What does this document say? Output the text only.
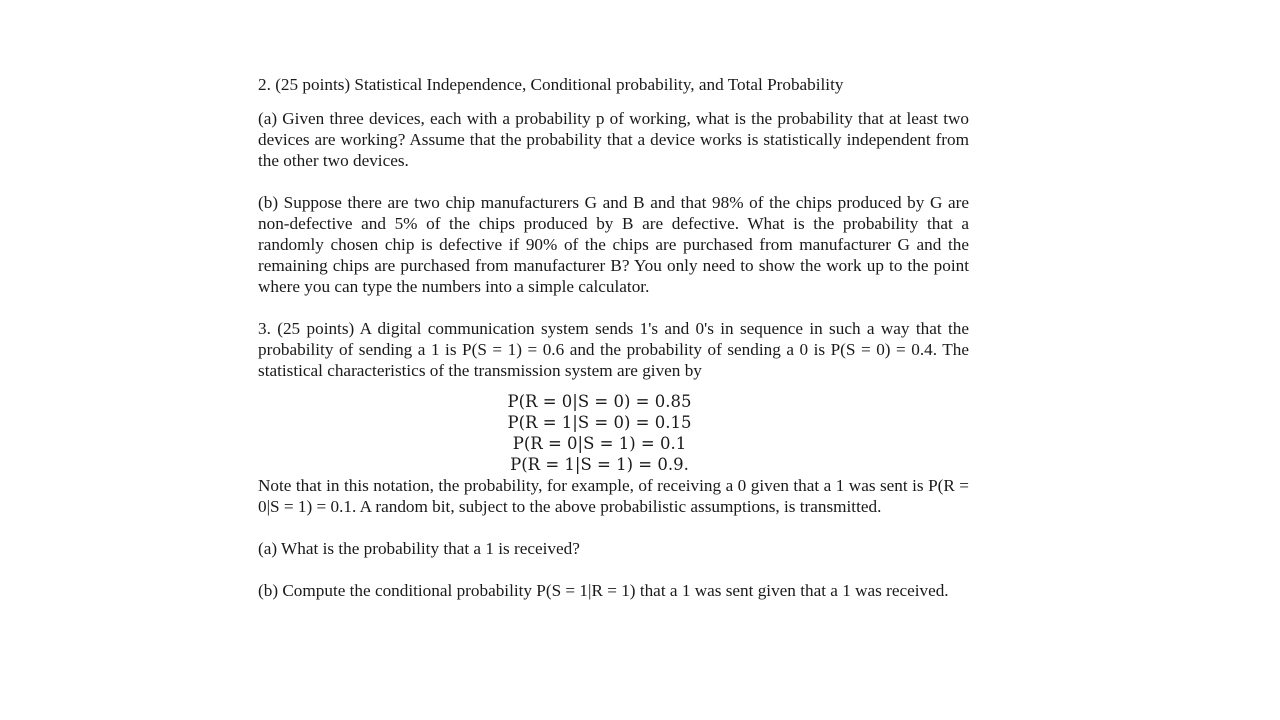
2. (25 points) Statistical Independence, Conditional probability, and Total Probability

(a) Given three devices, each with a probability p of working, what is the probability that at least two devices are working? Assume that the probability that a device works is statistically independent from the other two devices.

(b) Suppose there are two chip manufacturers G and B and that 98% of the chips produced by G are non-defective and 5% of the chips produced by B are defective. What is the probability that a randomly chosen chip is defective if 90% of the chips are purchased from manufacturer G and the remaining chips are purchased from manufacturer B? You only need to show the work up to the point where you can type the numbers into a simple calculator.

3. (25 points) A digital communication system sends 1's and 0's in sequence in such a way that the probability of sending a 1 is P(S = 1) = 0.6 and the probability of sending a 0 is P(S = 0) = 0.4. The statistical characteristics of the transmission system are given by

P(R = 0|S = 0) = 0.85
P(R = 1|S = 0) = 0.15
P(R = 0|S = 1) = 0.1
P(R = 1|S = 1) = 0.9.

Note that in this notation, the probability, for example, of receiving a 0 given that a 1 was sent is P(R = 0|S = 1) = 0.1. A random bit, subject to the above probabilistic assumptions, is transmitted.

(a) What is the probability that a 1 is received?

(b) Compute the conditional probability P(S = 1|R = 1) that a 1 was sent given that a 1 was received.
